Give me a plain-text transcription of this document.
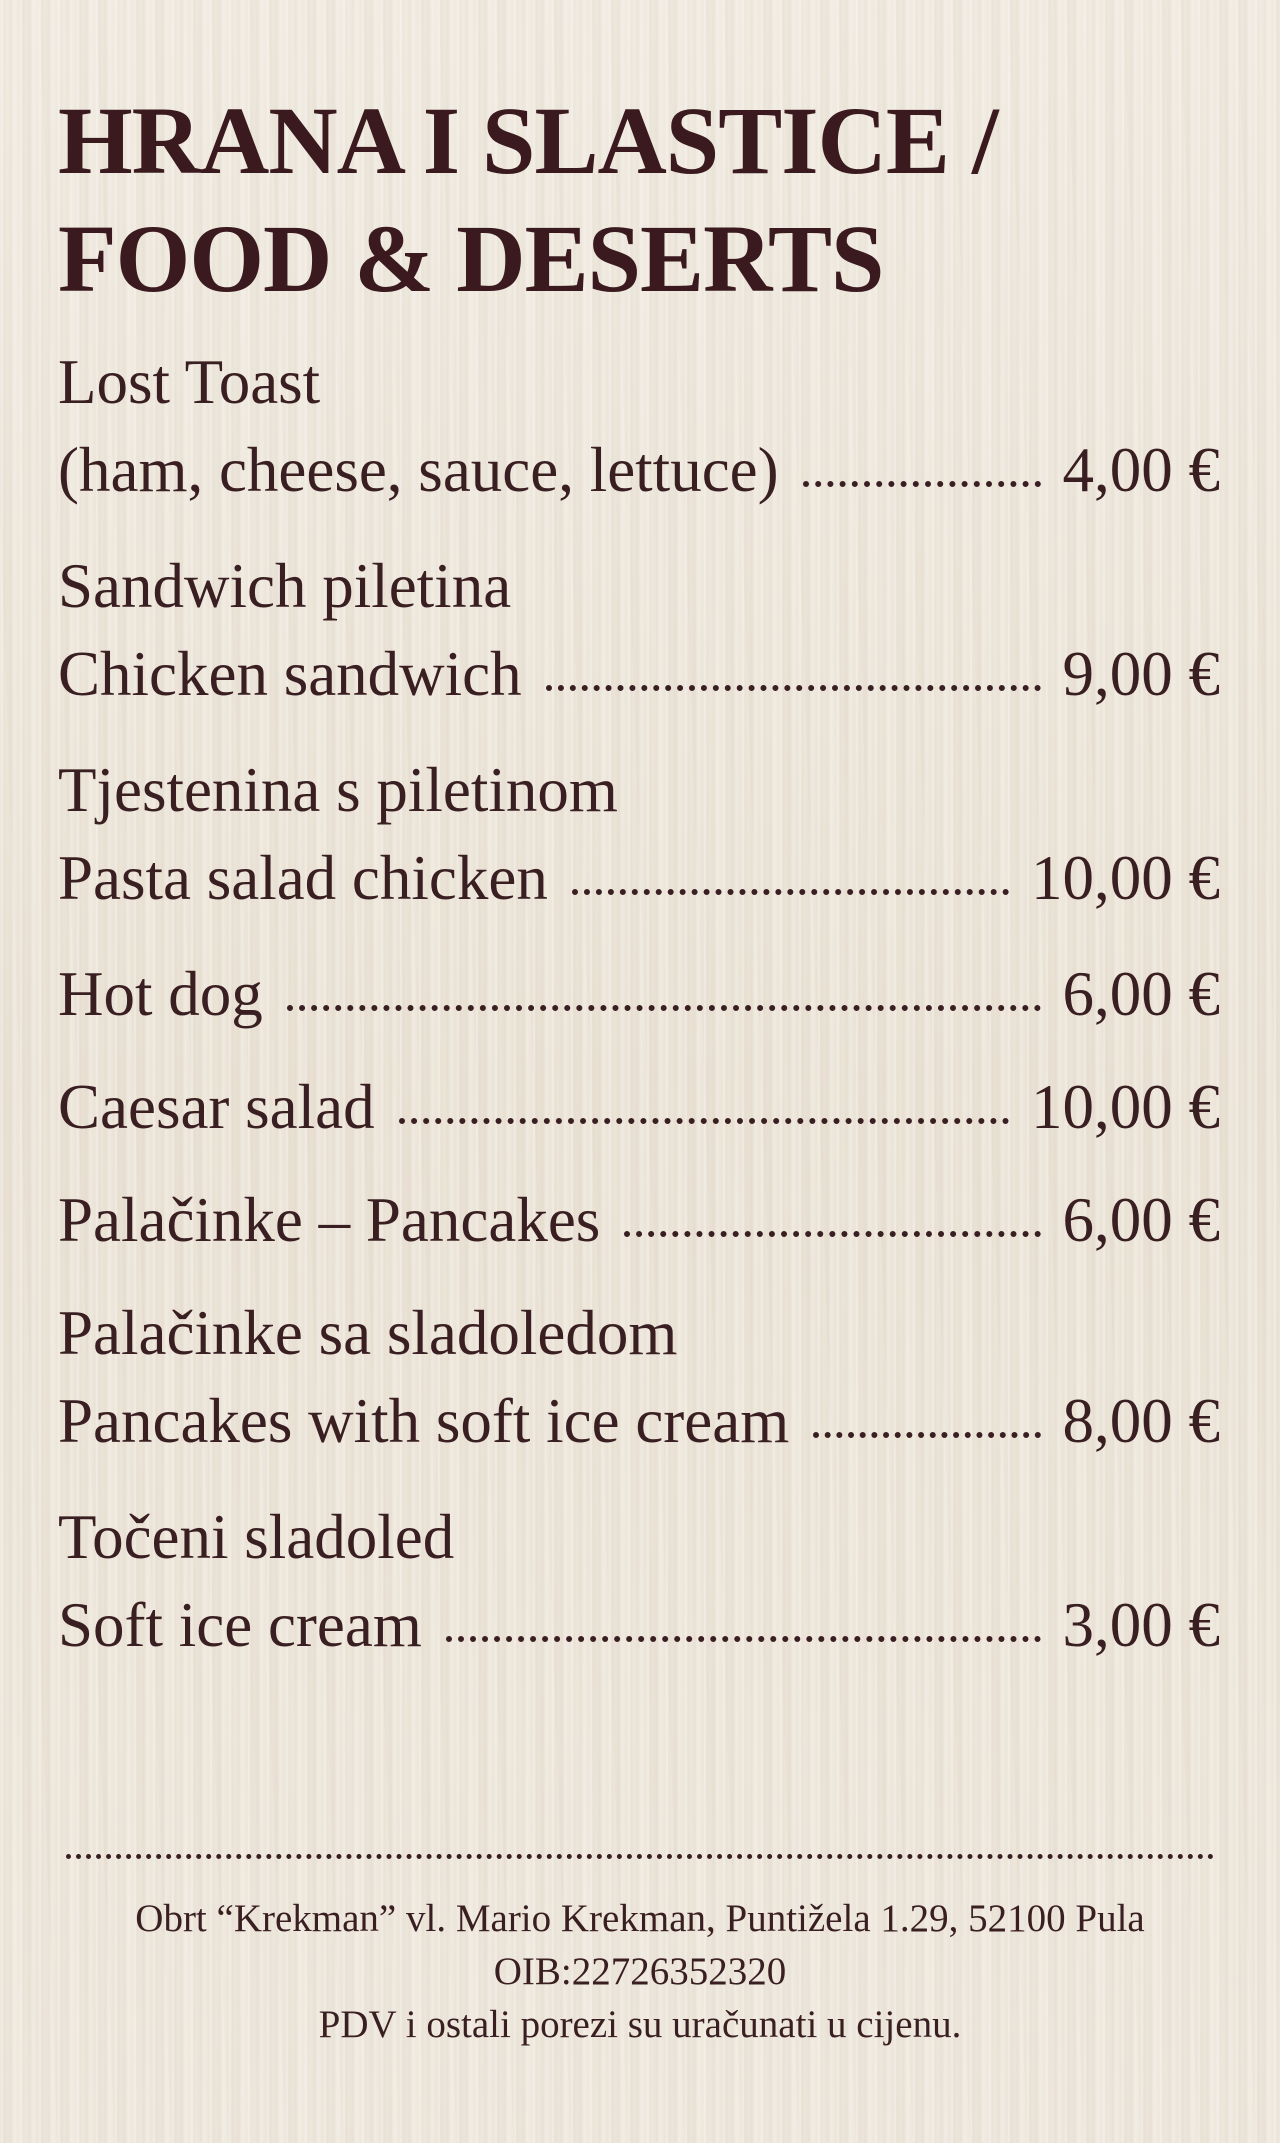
HRANA I SLASTICE /
FOOD & DESERTS
Lost Toast
(ham, cheese, sauce, lettuce)	4,00 €
Sandwich piletina
Chicken sandwich	9,00 €
Tjestenina s piletinom
Pasta salad chicken	10,00 €
Hot dog	6,00 €
Caesar salad	10,00 €
Palačinke – Pancakes	6,00 €
Palačinke sa sladoledom
Pancakes with soft ice cream	8,00 €
Točeni sladoled
Soft ice cream	3,00 €
Obrt “Krekman” vl. Mario Krekman, Puntižela 1.29, 52100 Pula
OIB:22726352320
PDV i ostali porezi su uračunati u cijenu.
